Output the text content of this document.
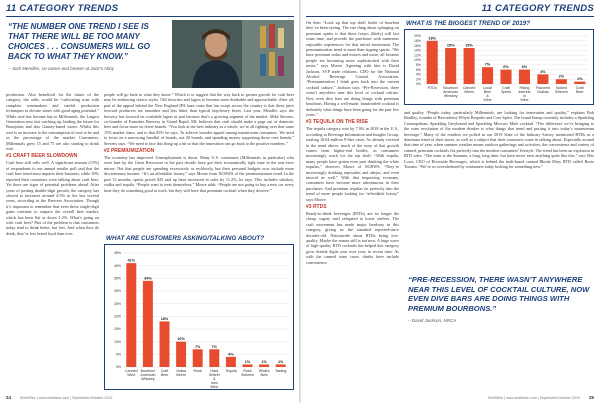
11 CATEGORY TRENDS
“THE NUMBER ONE TREND I SEE IS THAT THERE WILL BE TOO MANY CHOICES . . . CONSUMERS WILL GO BACK TO WHAT THEY KNOW.”
– Jack Mendles, co-owner and brewer at Jack’s Abby

production. Also beneficial for the future of the category, she adds, would be “cultivating trust with complete winemakers and careful production techniques to elevate wines with good aging potential.” While rosé has become hip to Millennials, the Largest Generation now fast catching up, leading the future for Beaujolais and also Gamay-based wines. Whilst this rosé is an increase to the consumption of rosé to be and as the percentage of the market Consumers, Millennials grew 15 and 75 are also starting to drink rosé.

#1 CRAFT BEER SLOWDOWN

Craft beer still sells well. A significant amount (15%) of respondents to our annual retailer poll said that the craft beer trend most impacts their business, while 10% reported their customers were talking about craft beer. Yet there are signs of potential problems ahead. After years of posting double-digit growth, the category has slowed to increases around 4-5% in the last several years, according to the Brewers Association. Though it’s important to remember that even these single-digit gains continue to outpace the overall beer market, which has been flat or down 1-2%. What’s going on with craft beer? Part of the problem is that consumers today tend to drink better, but less. And when they do drink, they’re less brand loyal than ever.

people will go back to what they know.” Which is to suggest that the way back to greater growth for craft beer may be embracing classic styles. Old favorites and lagers to become more drinkable and approachable. After all, part of the appeal behind the New England IPA haze craze that has swept across the country is that these juice forward producers are smoother and less bitter than typical hop-heavy beers. Last year, Mendles says the brewery has focused on crushable lagers in part because that’s a growing segment of the market. Mike Stevens, co-founder of Founders Brewery in Grand Rapid, MI, believes that craft should make a page out of domestic beer and focus more on fewer brands. “You look at the beer industry as a whole, we’re all fighting over that same 15% market share, and to that 85% he says. To achieve broader appeal among mainstream consumers. We need to focus on a narrowing handful of brands, not 20 brands, and spending money supporting those core brands,” Stevens says. “We need to face this thing up a bit so that the innovation can go back to the positive numbers.”

#2 PREMIUMIZATION

The economy has improved. Unemployment is down. Many U.S. consumers (Millennials in particular) who were hurt by the Great Recession in the past decade have got their economically tight time in the rear-view mirror. Not that people are spending excessively or recklessly, but their personal budgets now include more discretionary income. “It’s an affordable luxury,” says Moore from NCBWS of the premiumization trend. In the past 12 months, spirits priced $25 and up have increased in sales by 11.2%, he says. This includes whiskey, vodka and tequila. “People want to treat themselves,” Moore adds. “People are not going to buy a new car every time they do something good at work, but they will have that premium cocktail when they deserve.”

WHAT ARE CUSTOMERS ASKING/TALKING ABOUT?
45%
40%
35%
30%
25%
20%
15%
10%
5%
0%
41%
Canned Wine
34%
Bourbon/ American Whiskey
18%
Craft Beer
10%
Vodka Beers
7%
Rosé
7%
Hard Seltzer & Iced Wine
4%
Tequila
1%
Rosé Seltzers
1%
What’s New
1%
Tasting
ShelfWire | www.shelfwire.com | September/October 2019
24
11 CATEGORY TRENDS

On their “Look up that top shelf bottle of bourbon they’ve been eyeing. The rise thing about splurging on premium spirits is that these forays (likely) will last some time, and provide the purchaser with numerous enjoyable experiences for that initial investment. The premiumization trend is more than sipping spirits. “We have premium sodas and mixers and more, all because people are becoming more sophisticated with their tastes,” says Moore. Agreeing with him is David Jackson, SVP trade relations, CDO for the National Alcohol Beverage Control Association. “Premiumization I think goes back into the current cocktail culture,” Jackson says. “Pre-Recession, there wasn’t anywhere near this level of cocktail culture. Now even dive bars are doing things with premium bourbons. Having a well-made, handcrafted cocktail is definitely what things have been going for the past few years.”

#3 TEQUILA ON THE RISE

The tequila category rose by 7.9% in 2018 in the U.S., according to Beverage Information and Insights Group, totaling 18.64 million 9-liter cases. As already covered in the trend above, much of the story of that growth comes from higher-end bottles, as consumers increasingly reach for the top shelf. “With tequila, many people have gotten even past drinking the white tequilas,” observes Moore of NCBWS. “They’re increasingly drinking reposados and añejos, and even mezcal as well.” With that improving economy, consumers have become more adventurous in their purchases. And premium tequilas tie perfectly into the trend of more people looking for “affordable luxury” says Moore.

#3 RTDS

Ready-to-drink beverages (RTDs) are no longer the cheap, sugary stuff relegated to lower shelves. The craft movement has made major headway in this category, giving us the standard reported-since decades-old. Nationwide about RTDs being low-quality. Maybe the reason still is not now. A huge wave of high-quality RTD cocktails has helped this category grow double digits year over year, in recent time. As with the canned wine craze, drinks have include convenience

WHAT IS THE BIGGEST TREND OF 2019?
20%
18%
16%
14%
12%
10%
8%
6%
4%
2%
0%
18%
RTDs
15%
Bourbon/ American Whiskey
15%
Canned Wines
7%
Local Beer & Wine
6%
Craft Spirits
6%
Rising Interest in Wine
4%
Flavored Vodkas
2%
Spiked Seltzers
1%
Craft Beer

and quality “People today, particularly Millennials, are looking for innovation and quality,” explains Bob Bradley, founder of Bevcademy Whyte Bespoke and Cote Spirit. The brand lineup currently includes a Sparkling Cosmopolitan, Sparkling Greyhound and Sparkling Moscow Mule cocktail. “The difference we’re bringing to the wine revolution of the modern drinker is what things that trend and putting it into today’s mainstream beverage.” Many of the retailers we polled in our 2019 State of the Industry Survey mentioned RTDs as a dominant trend of their stores, as well as a subject that their customers come in talking about. Especially around that time of year, when summer weather means outdoor gatherings and activities, the convenience and variety of canned, premium cocktails fits perfectly into the modern consumers’ lifestyle. The trend has been an explosion in RTD sales. “The team is the Summer, a long, long time, but have never seen anything quite like this,” says Wes Lowe, CEO of Riverside Beverages, which is behind the malt-based canned Rhoda Mary RTD called Rosie Tomato. “We’re so overwhelmed by consumers today looking for something new.”

“PRE-RECESSION, THERE WASN’T ANYWHERE NEAR THIS LEVEL OF COCKTAIL CULTURE, NOW EVEN DIVE BARS ARE DOING THINGS WITH PREMIUM BOURBONS.”
– David Jackson, NRCA
ShelfWire | www.shelfwire.com | September/October 2019 25
